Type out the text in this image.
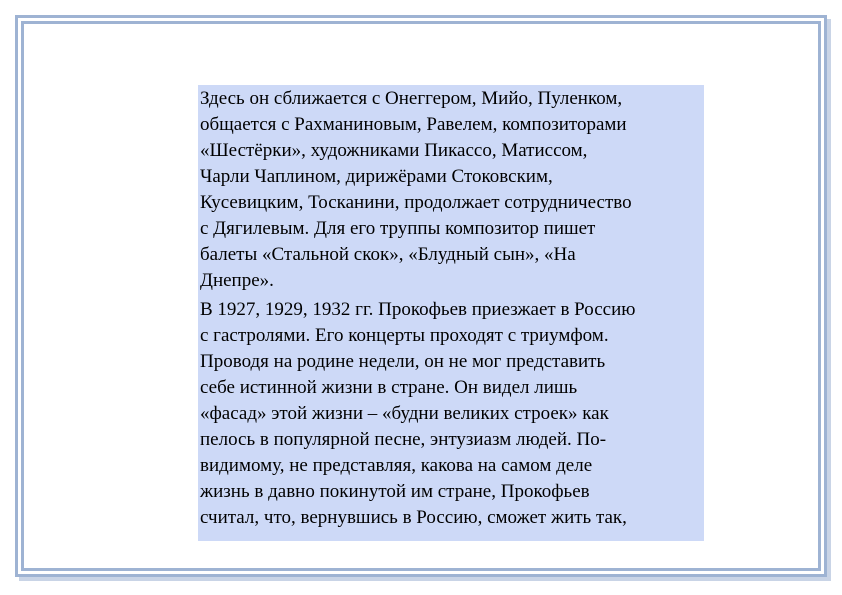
Здесь он сближается с Онеггером, Мийо, Пуленком,
общается с Рахманиновым, Равелем, композиторами
«Шестёрки», художниками Пикассо, Матиссом,
Чарли Чаплином, дирижёрами Стоковским,
Кусевицким, Тосканини, продолжает сотрудничество
с Дягилевым. Для его труппы композитор пишет
балеты «Стальной скок», «Блудный сын», «На
Днепре».

В 1927, 1929, 1932 гг. Прокофьев приезжает в Россию
с гастролями. Его концерты проходят с триумфом.
Проводя на родине недели, он не мог представить
себе истинной жизни в стране. Он видел лишь
«фасад» этой жизни – «будни великих строек» как
пелось в популярной песне, энтузиазм людей. По-
видимому, не представляя, какова на самом деле
жизнь в давно покинутой им стране, Прокофьев
считал, что, вернувшись в Россию, сможет жить так,
